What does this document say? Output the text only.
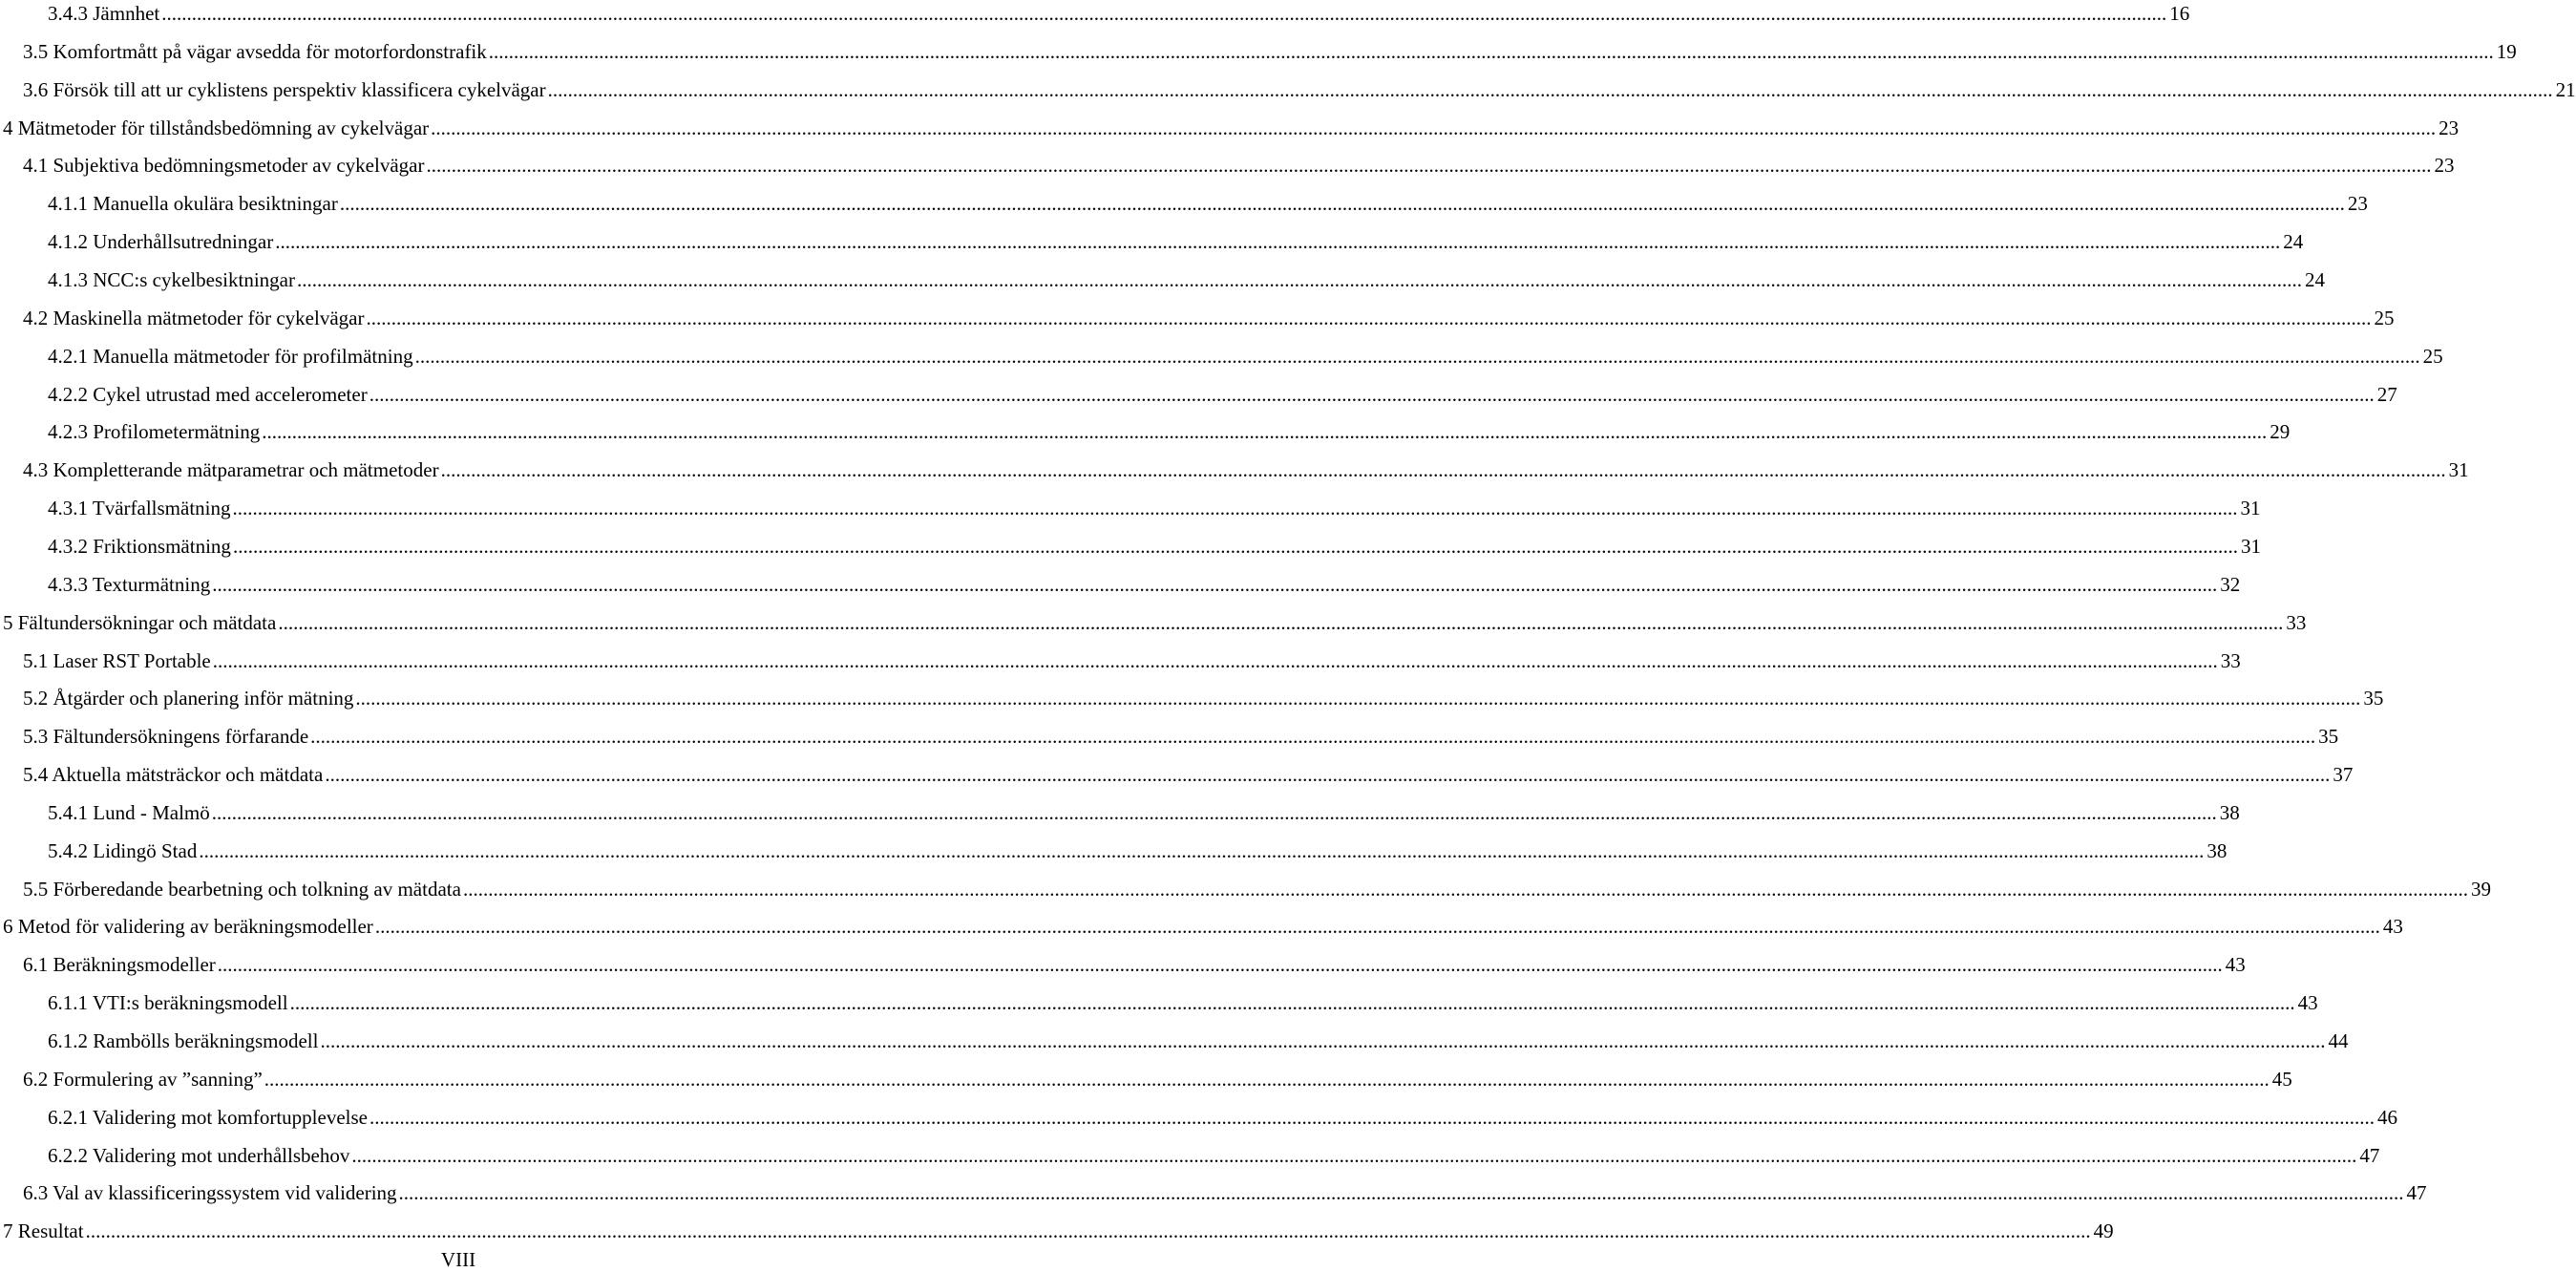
3.4.3 Jämnhet ................................................................................................................................................................................................................................................................................................................................................................................................................ 16
3.5 Komfortmått på vägar avsedda för motorfordonstrafik ................................................................................................................................................................................................................................................................................................................................................................................................................ 19
3.6 Försök till att ur cyklistens perspektiv klassificera cykelvägar ................................................................................................................................................................................................................................................................................................................................................................................................................ 21
4 Mätmetoder för tillståndsbedömning av cykelvägar ................................................................................................................................................................................................................................................................................................................................................................................................................ 23
4.1 Subjektiva bedömningsmetoder av cykelvägar ................................................................................................................................................................................................................................................................................................................................................................................................................ 23
4.1.1 Manuella okulära besiktningar ................................................................................................................................................................................................................................................................................................................................................................................................................ 23
4.1.2 Underhållsutredningar ................................................................................................................................................................................................................................................................................................................................................................................................................ 24
4.1.3 NCC:s cykelbesiktningar ................................................................................................................................................................................................................................................................................................................................................................................................................ 24
4.2 Maskinella mätmetoder för cykelvägar ................................................................................................................................................................................................................................................................................................................................................................................................................ 25
4.2.1 Manuella mätmetoder för profilmätning ................................................................................................................................................................................................................................................................................................................................................................................................................ 25
4.2.2 Cykel utrustad med accelerometer ................................................................................................................................................................................................................................................................................................................................................................................................................ 27
4.2.3 Profilometermätning ................................................................................................................................................................................................................................................................................................................................................................................................................ 29
4.3 Kompletterande mätparametrar och mätmetoder ................................................................................................................................................................................................................................................................................................................................................................................................................ 31
4.3.1 Tvärfallsmätning ................................................................................................................................................................................................................................................................................................................................................................................................................ 31
4.3.2 Friktionsmätning ................................................................................................................................................................................................................................................................................................................................................................................................................ 31
4.3.3 Texturmätning ................................................................................................................................................................................................................................................................................................................................................................................................................ 32
5 Fältundersökningar och mätdata ................................................................................................................................................................................................................................................................................................................................................................................................................ 33
5.1 Laser RST Portable ................................................................................................................................................................................................................................................................................................................................................................................................................ 33
5.2 Åtgärder och planering inför mätning ................................................................................................................................................................................................................................................................................................................................................................................................................ 35
5.3 Fältundersökningens förfarande ................................................................................................................................................................................................................................................................................................................................................................................................................ 35
5.4 Aktuella mätsträckor och mätdata ................................................................................................................................................................................................................................................................................................................................................................................................................ 37
5.4.1 Lund - Malmö ................................................................................................................................................................................................................................................................................................................................................................................................................ 38
5.4.2 Lidingö Stad ................................................................................................................................................................................................................................................................................................................................................................................................................ 38
5.5 Förberedande bearbetning och tolkning av mätdata ................................................................................................................................................................................................................................................................................................................................................................................................................ 39
6 Metod för validering av beräkningsmodeller ................................................................................................................................................................................................................................................................................................................................................................................................................ 43
6.1 Beräkningsmodeller ................................................................................................................................................................................................................................................................................................................................................................................................................ 43
6.1.1 VTI:s beräkningsmodell ................................................................................................................................................................................................................................................................................................................................................................................................................ 43
6.1.2 Rambölls beräkningsmodell ................................................................................................................................................................................................................................................................................................................................................................................................................ 44
6.2 Formulering av ”sanning” ................................................................................................................................................................................................................................................................................................................................................................................................................ 45
6.2.1 Validering mot komfortupplevelse ................................................................................................................................................................................................................................................................................................................................................................................................................ 46
6.2.2 Validering mot underhållsbehov ................................................................................................................................................................................................................................................................................................................................................................................................................ 47
6.3 Val av klassificeringssystem vid validering ................................................................................................................................................................................................................................................................................................................................................................................................................ 47
7 Resultat ................................................................................................................................................................................................................................................................................................................................................................................................................ 49
VIII
